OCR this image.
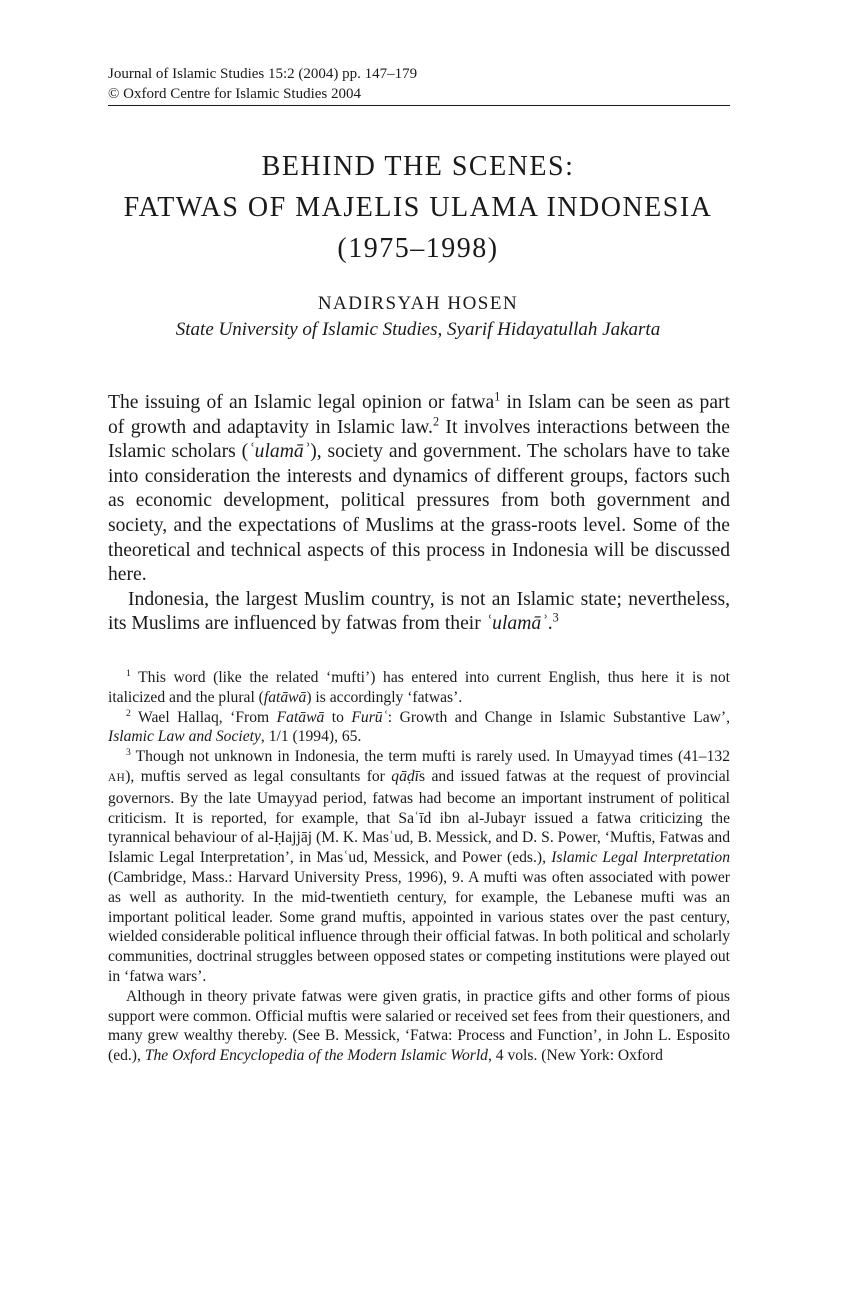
Journal of Islamic Studies 15:2 (2004) pp. 147–179
© Oxford Centre for Islamic Studies 2004
BEHIND THE SCENES:
FATWAS OF MAJELIS ULAMA INDONESIA
(1975–1998)
NADIRSYAH HOSEN
State University of Islamic Studies, Syarif Hidayatullah Jakarta

The issuing of an Islamic legal opinion or fatwa$^1$ in Islam can be seen as part of growth and adaptavity in Islamic law.$^2$ It involves interactions between the Islamic scholars (ʿulamāʾ), society and government. The scholars have to take into consideration the interests and dynamics of different groups, factors such as economic development, political pressures from both government and society, and the expectations of Muslims at the grass-roots level. Some of the theoretical and technical aspects of this process in Indonesia will be discussed here.

Indonesia, the largest Muslim country, is not an Islamic state; nevertheless, its Muslims are influenced by fatwas from their ʿulamāʾ.$^3$

$^1$ This word (like the related ‘mufti’) has entered into current English, thus here it is not italicized and the plural (fatāwā) is accordingly ‘fatwas’.

$^2$ Wael Hallaq, ‘From Fatāwā to Furūʿ: Growth and Change in Islamic Substantive Law’, Islamic Law and Society, 1/1 (1994), 65.

$^3$ Though not unknown in Indonesia, the term mufti is rarely used. In Umayyad times (41–132 AH), muftis served as legal consultants for qāḍīs and issued fatwas at the request of provincial governors. By the late Umayyad period, fatwas had become an important instrument of political criticism. It is reported, for example, that Saʿīd ibn al-Jubayr issued a fatwa criticizing the tyrannical behaviour of al-Ḥajjāj (M. K. Masʿud, B. Messick, and D. S. Power, ‘Muftis, Fatwas and Islamic Legal Interpretation’, in Masʿud, Messick, and Power (eds.), Islamic Legal Interpretation (Cambridge, Mass.: Harvard University Press, 1996), 9. A mufti was often associated with power as well as authority. In the mid-twentieth century, for example, the Lebanese mufti was an important political leader. Some grand muftis, appointed in various states over the past century, wielded considerable political influence through their official fatwas. In both political and scholarly communities, doctrinal struggles between opposed states or competing institutions were played out in ‘fatwa wars’.

Although in theory private fatwas were given gratis, in practice gifts and other forms of pious support were common. Official muftis were salaried or received set fees from their questioners, and many grew wealthy thereby. (See B. Messick, ‘Fatwa: Process and Function’, in John L. Esposito (ed.), The Oxford Encyclopedia of the Modern Islamic World, 4 vols. (New York: Oxford
